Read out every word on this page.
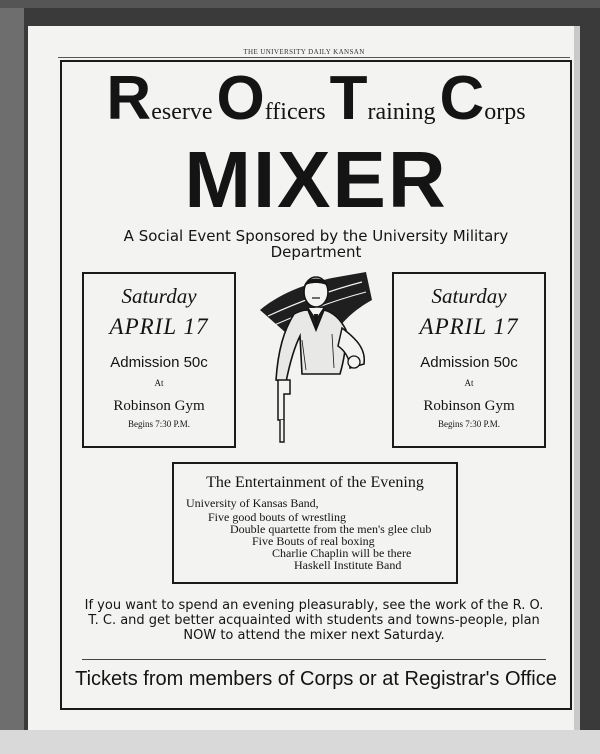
THE UNIVERSITY DAILY KANSAN
Reserve Officers Training Corps
MIXER
A Social Event Sponsored by the University Military Department
Saturday
APRIL 17
Admission 50c
At
Robinson Gym
Begins 7:30 P.M.
Saturday
APRIL 17
Admission 50c
At
Robinson Gym
Begins 7:30 P.M.
The Entertainment of the Evening
University of Kansas Band,
Five good bouts of wrestling
Double quartette from the men's glee club
Five Bouts of real boxing
Charlie Chaplin will be there
Haskell Institute Band
If you want to spend an evening pleasurably, see the work of the R. O. T. C. and get better acquainted with students and towns-people, plan NOW to attend the mixer next Saturday.
Tickets from members of Corps or at Registrar's Office
